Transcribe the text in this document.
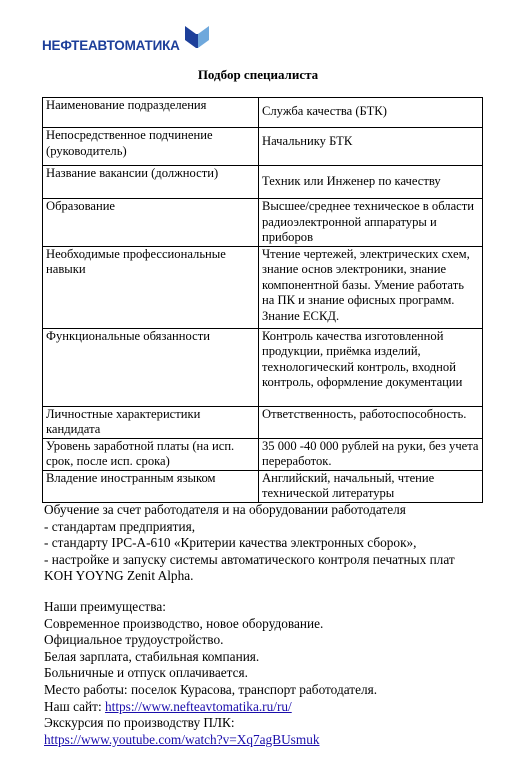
НЕФТЕАВТОМАТИКА
Подбор специалиста
Наименование подразделения	Служба качества (БТК)
Непосредственное подчинение (руководитель)	Начальнику БТК
Название вакансии (должности)	Техник или Инженер по качеству
Образование	Высшее/среднее техническое в области радиоэлектронной аппаратуры и приборов
Необходимые профессиональные навыки	Чтение чертежей, электрических схем, знание основ электроники, знание компонентной базы. Умение работать на ПК и знание офисных программ. Знание ЕСКД.
Функциональные обязанности	Контроль качества изготовленной продукции, приёмка изделий, технологический контроль, входной контроль, оформление документации
Личностные характеристики кандидата	Ответственность, работоспособность.
Уровень заработной платы (на исп. срок, после исп. срока)	35 000 -40 000 рублей на руки, без учета переработок.
Владение иностранным языком	Английский, начальный, чтение технической литературы
Обучение за счет работодателя и на оборудовании работодателя
- стандартам предприятия,
- стандарту IPC-A-610 «Критерии качества электронных сборок»,
- настройке и запуску системы автоматического контроля печатных плат
KOH YOYNG Zenit Alpha.
Наши преимущества:
Современное производство, новое оборудование.
Официальное трудоустройство.
Белая зарплата, стабильная компания.
Больничные и отпуск оплачивается.
Место работы: поселок Курасова, транспорт работодателя.
Наш сайт: https://www.nefteavtomatika.ru/ru/
Экскурсия по производству ПЛК:
https://www.youtube.com/watch?v=Xq7agBUsmuk
